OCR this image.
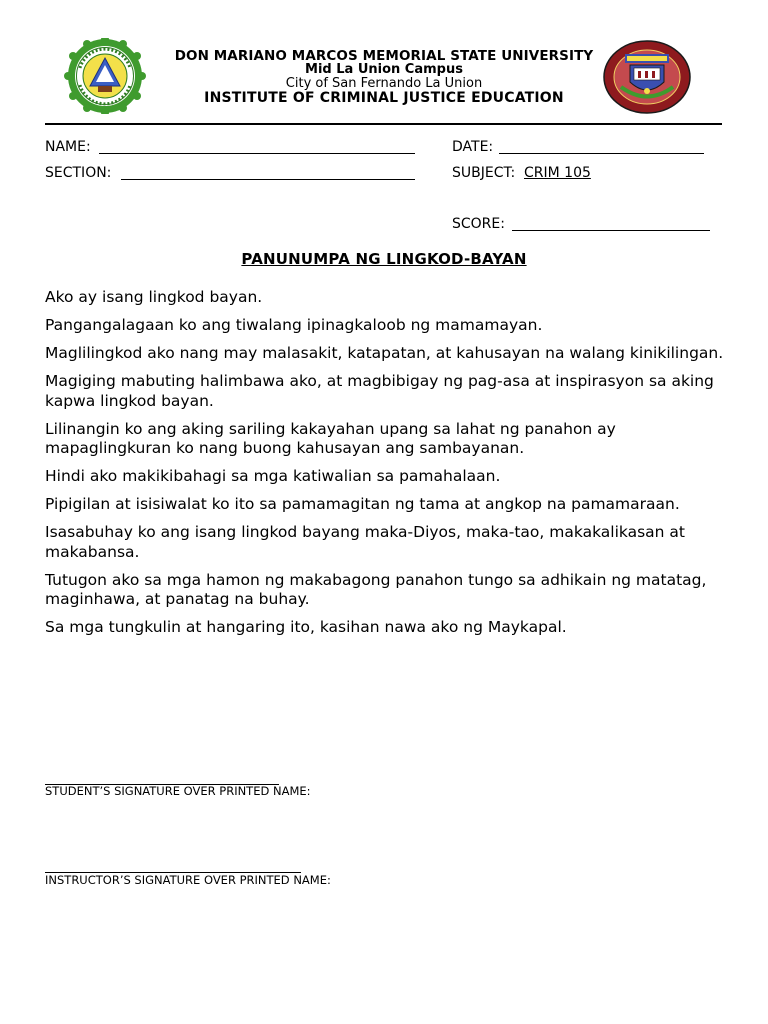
DON MARIANO MARCOS MEMORIAL STATE UNIVERSITY
Mid La Union Campus
City of San Fernando La Union
INSTITUTE OF CRIMINAL JUSTICE EDUCATION
NAME:	DATE:
SECTION:	SUBJECT: CRIM 105
SCORE:
PANUNUMPA NG LINGKOD-BAYAN

Ako ay isang lingkod bayan.

Pangangalagaan ko ang tiwalang ipinagkaloob ng mamamayan.

Maglilingkod ako nang may malasakit, katapatan, at kahusayan na walang kinikilingan.

Magiging mabuting halimbawa ako, at magbibigay ng pag-asa at inspirasyon sa aking kapwa lingkod bayan.

Lilinangin ko ang aking sariling kakayahan upang sa lahat ng panahon ay mapaglingkuran ko nang buong kahusayan ang sambayanan.

Hindi ako makikibahagi sa mga katiwalian sa pamahalaan.

Pipigilan at isisiwalat ko ito sa pamamagitan ng tama at angkop na pamamaraan.

Isasabuhay ko ang isang lingkod bayang maka-Diyos, maka-tao, makakalikasan at makabansa.

Tutugon ako sa mga hamon ng makabagong panahon tungo sa adhikain ng matatag, maginhawa, at panatag na buhay.

Sa mga tungkulin at hangaring ito, kasihan nawa ako ng Maykapal.

STUDENT’S SIGNATURE OVER PRINTED NAME:
INSTRUCTOR’S SIGNATURE OVER PRINTED NAME:
